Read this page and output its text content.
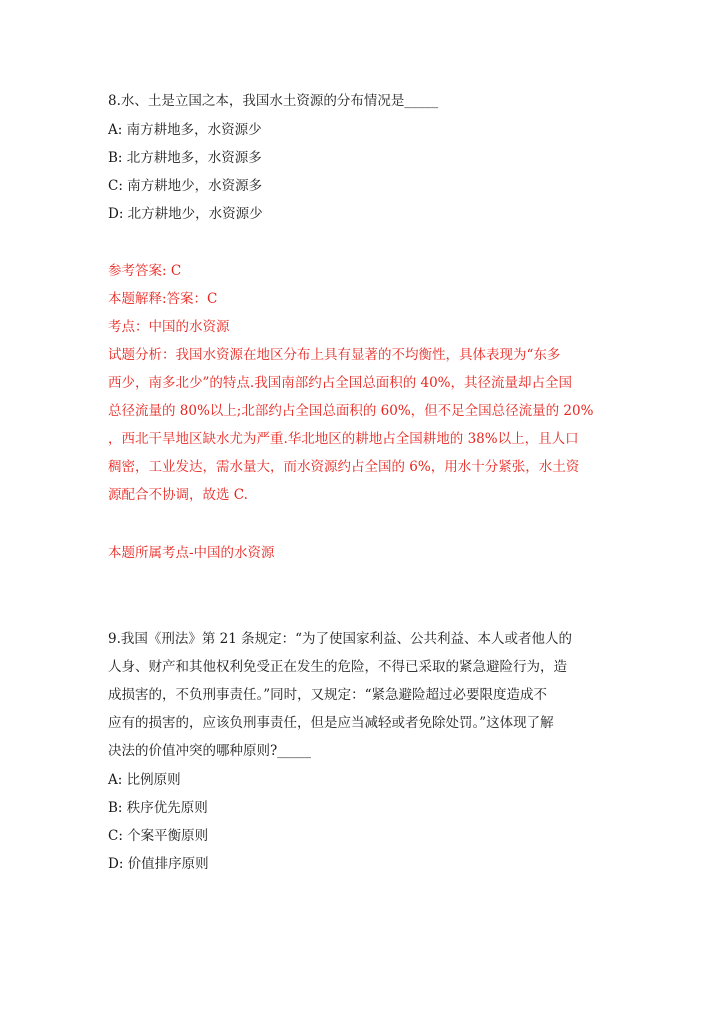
8.水、土是立国之本，我国水土资源的分布情况是_____
A: 南方耕地多，水资源少
B: 北方耕地多，水资源多
C: 南方耕地少，水资源多
D: 北方耕地少，水资源少
参考答案: C
本题解释:答案：C
考点：中国的水资源
试题分析：我国水资源在地区分布上具有显著的不均衡性，具体表现为“东多
西少，南多北少”的特点.我国南部约占全国总面积的 40%，其径流量却占全国
总径流量的 80%以上;北部约占全国总面积的 60%，但不足全国总径流量的 20%
，西北干旱地区缺水尤为严重.华北地区的耕地占全国耕地的 38%以上，且人口
稠密，工业发达，需水量大，而水资源约占全国的 6%，用水十分紧张，水土资
源配合不协调，故选 C.
本题所属考点-中国的水资源
9.我国《刑法》第 21 条规定：“为了使国家利益、公共利益、本人或者他人的
人身、财产和其他权利免受正在发生的危险，不得已采取的紧急避险行为，造
成损害的，不负刑事责任。”同时，又规定：“紧急避险超过必要限度造成不
应有的损害的，应该负刑事责任，但是应当减轻或者免除处罚。”这体现了解
决法的价值冲突的哪种原则?_____
A: 比例原则
B: 秩序优先原则
C: 个案平衡原则
D: 价值排序原则
